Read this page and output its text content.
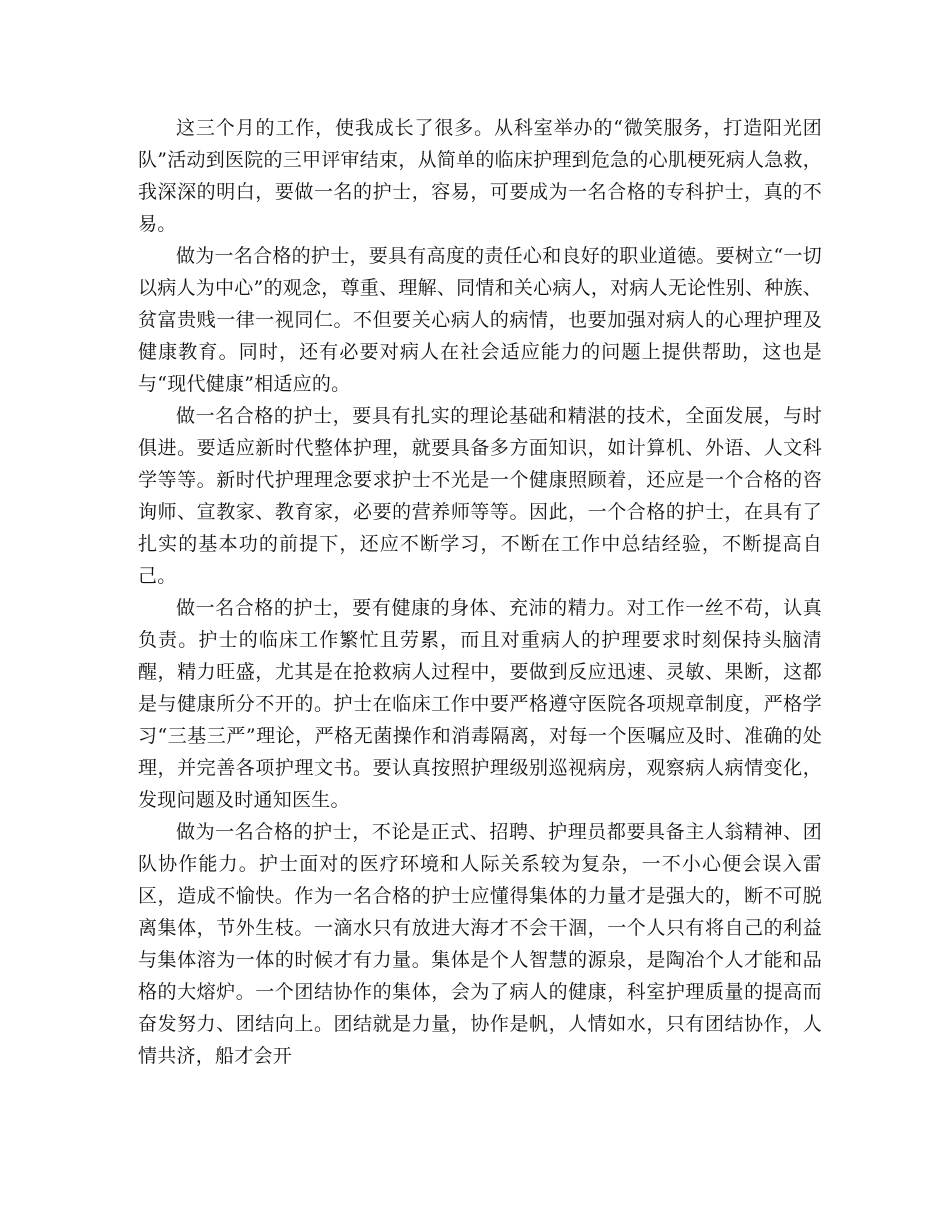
这三个月的工作，使我成长了很多。从科室举办的“微笑服务，打造阳光团队”活动到医院的三甲评审结束，从简单的临床护理到危急的心肌梗死病人急救，我深深的明白，要做一名的护士，容易，可要成为一名合格的专科护士，真的不易。

做为一名合格的护士，要具有高度的责任心和良好的职业道德。要树立“一切以病人为中心”的观念，尊重、理解、同情和关心病人，对病人无论性别、种族、贫富贵贱一律一视同仁。不但要关心病人的病情，也要加强对病人的心理护理及健康教育。同时，还有必要对病人在社会适应能力的问题上提供帮助，这也是与“现代健康”相适应的。

做一名合格的护士，要具有扎实的理论基础和精湛的技术，全面发展，与时俱进。要适应新时代整体护理，就要具备多方面知识，如计算机、外语、人文科学等等。新时代护理理念要求护士不光是一个健康照顾着，还应是一个合格的咨询师、宣教家、教育家，必要的营养师等等。因此，一个合格的护士，在具有了扎实的基本功的前提下，还应不断学习，不断在工作中总结经验，不断提高自己。

做一名合格的护士，要有健康的身体、充沛的精力。对工作一丝不苟，认真负责。护士的临床工作繁忙且劳累，而且对重病人的护理要求时刻保持头脑清醒，精力旺盛，尤其是在抢救病人过程中，要做到反应迅速、灵敏、果断，这都是与健康所分不开的。护士在临床工作中要严格遵守医院各项规章制度，严格学习“三基三严”理论，严格无菌操作和消毒隔离，对每一个医嘱应及时、准确的处理，并完善各项护理文书。要认真按照护理级别巡视病房，观察病人病情变化，发现问题及时通知医生。

做为一名合格的护士，不论是正式、招聘、护理员都要具备主人翁精神、团队协作能力。护士面对的医疗环境和人际关系较为复杂，一不小心便会误入雷区，造成不愉快。作为一名合格的护士应懂得集体的力量才是强大的，断不可脱离集体，节外生枝。一滴水只有放进大海才不会干涸，一个人只有将自己的利益与集体溶为一体的时候才有力量。集体是个人智慧的源泉，是陶冶个人才能和品格的大熔炉。一个团结协作的集体，会为了病人的健康，科室护理质量的提高而奋发努力、团结向上。团结就是力量，协作是帆，人情如水，只有团结协作，人情共济，船才会开
